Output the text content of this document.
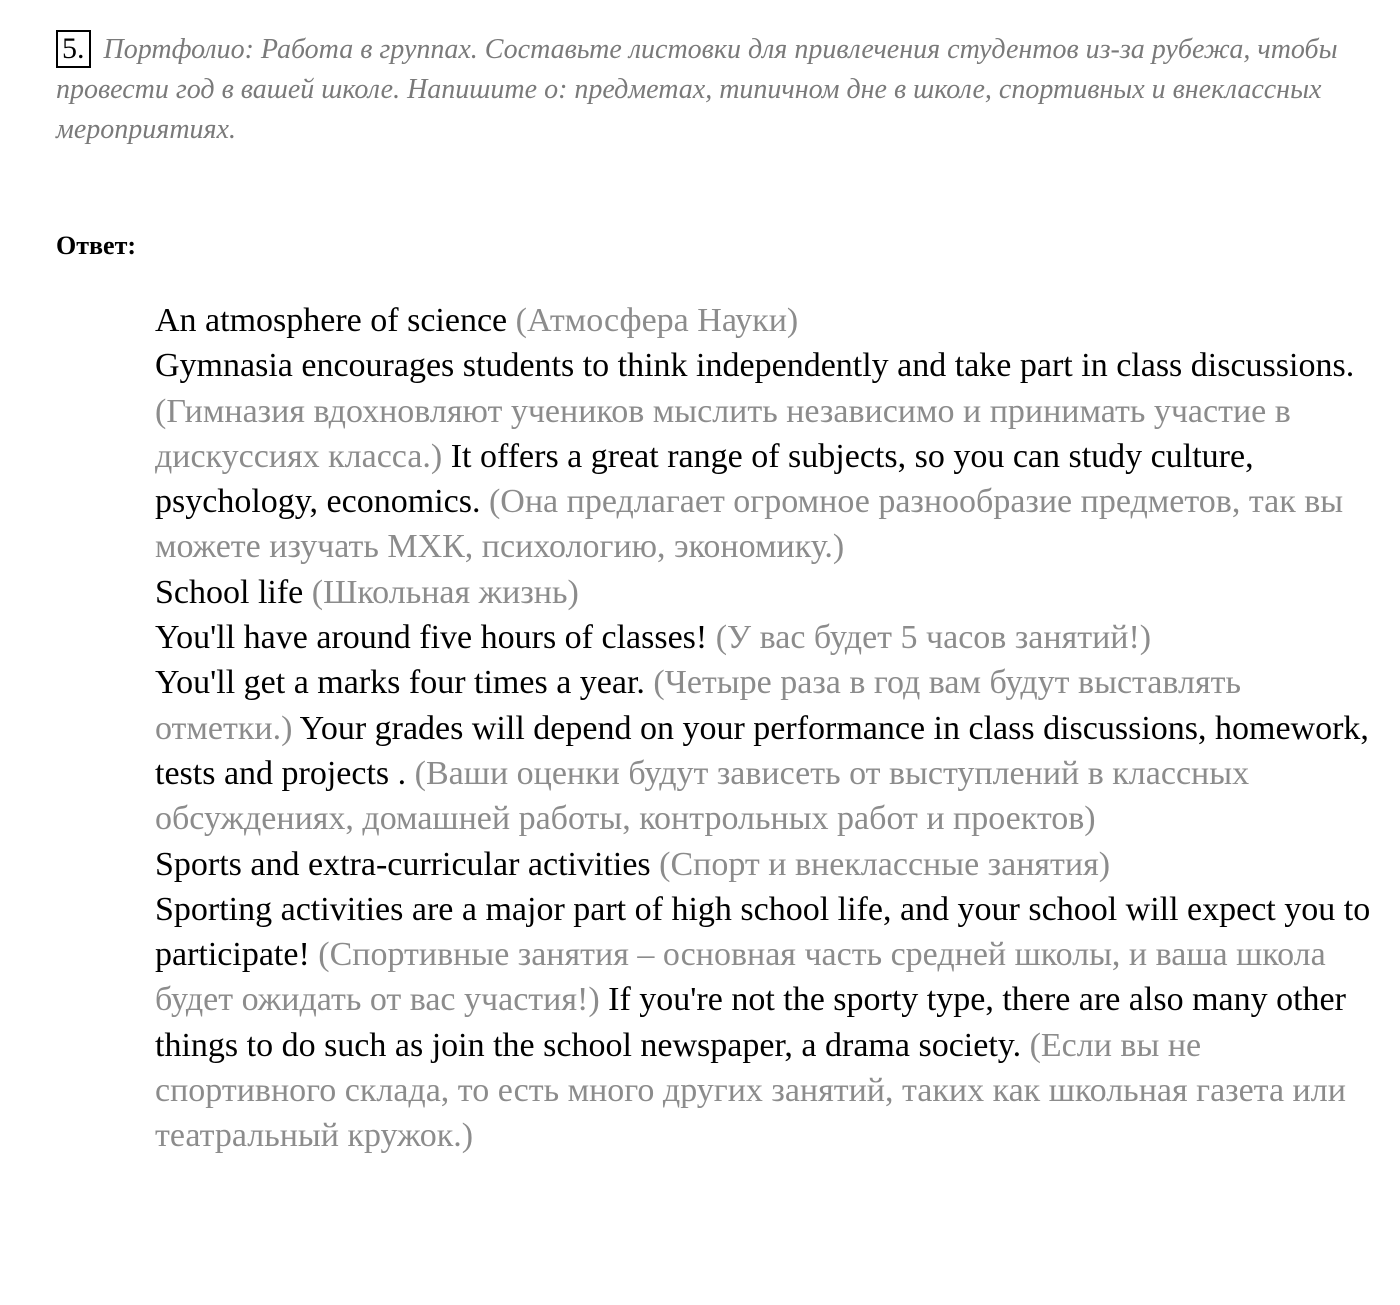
5. Портфолио: Работа в группах. Составьте листовки для привлечения студентов из-за рубежа, чтобы провести год в вашей школе. Напишите о: предметах, типичном дне в школе, спортивных и внеклассных мероприятиях.

Ответ:

An atmosphere of science (Атмосфера Науки)

Gymnasia encourages students to think independently and take part in class discussions. (Гимназия вдохновляют учеников мыслить независимо и принимать участие в дискуссиях класса.) It offers a great range of subjects, so you can study culture, psychology, economics. (Она предлагает огромное разнообразие предметов, так вы можете изучать МХК, психологию, экономику.)

School life (Школьная жизнь)

You'll have around five hours of classes! (У вас будет 5 часов занятий!)

You'll get a marks four times a year. (Четыре раза в год вам будут выставлять отметки.) Your grades will depend on your performance in class discussions, homework, tests and projects . (Ваши оценки будут зависеть от выступлений в классных обсуждениях, домашней работы, контрольных работ и проектов)

Sports and extra-curricular activities (Спорт и внеклассные занятия)

Sporting activities are a major part of high school life, and your school will expect you to participate! (Спортивные занятия – основная часть средней школы, и ваша школа будет ожидать от вас участия!) If you're not the sporty type, there are also many other things to do such as join the school newspaper, a drama society. (Если вы не спортивного склада, то есть много других занятий, таких как школьная газета или театральный кружок.)
